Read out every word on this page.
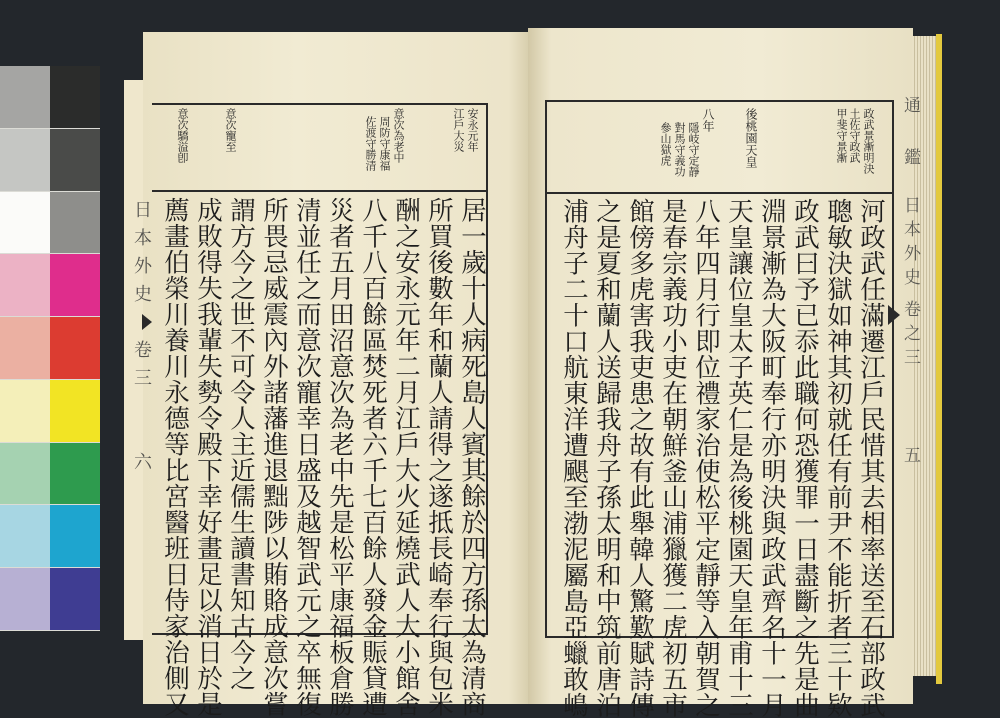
政武景漸明決
土佐守政武
甲斐守景漸
後桃園天皇
八年
隱岐守定靜
對馬守義功
參山獄虎
河政武任滿遷江戶民惜其去相率送至石部政武
聰敏決獄如神其初就任有前尹不能折者三十欵
政武曰予已忝此職何恐獲罪一日盡斷之先是曲
淵景漸為大阪町奉行亦明決與政武齊名十一月
天皇讓位皇太子英仁是為後桃園天皇年甫十三
八年四月行即位禮家治使松平定靜等入朝賀之
是春宗義功小吏在朝鮮釜山浦獵獲二虎初五市
館傍多虎害我吏患之故有此舉韓人驚歎賦詩傳
之是夏和蘭人送歸我舟子孫太明和中筑前唐泊
浦舟子二十口航東洋遭颶至渤泥屬島亞蠟敢嶋
通
鑑
日
本
外
史
卷
之
三
五
安永元年
江戶大災
意次為老中
周防守康福
佐渡守勝清
意次寵至
意次驕溢卽
居一歲十人病死島人賓其餘於四方孫太為清商
所買後數年和蘭人請得之遂抵長崎奉行與包米
酬之安永元年二月江戶大火延燒武人大小館舍
八千八百餘區焚死者六千七百餘人發金賑貸遭
災者五月田沼意次為老中先是松平康福板倉勝
清並任之而意次寵幸日盛及越智武元之卒無復
所畏忌威震內外諸藩進退黜陟以賄賂成意次嘗
謂方今之世不可令人主近儒生讀書知古今之
成敗得失我輩失勢令殿下幸好畫足以消日於是
薦畫伯榮川養川永德等比宮醫班日侍家治側又
日
本
外
史
卷
三
六
